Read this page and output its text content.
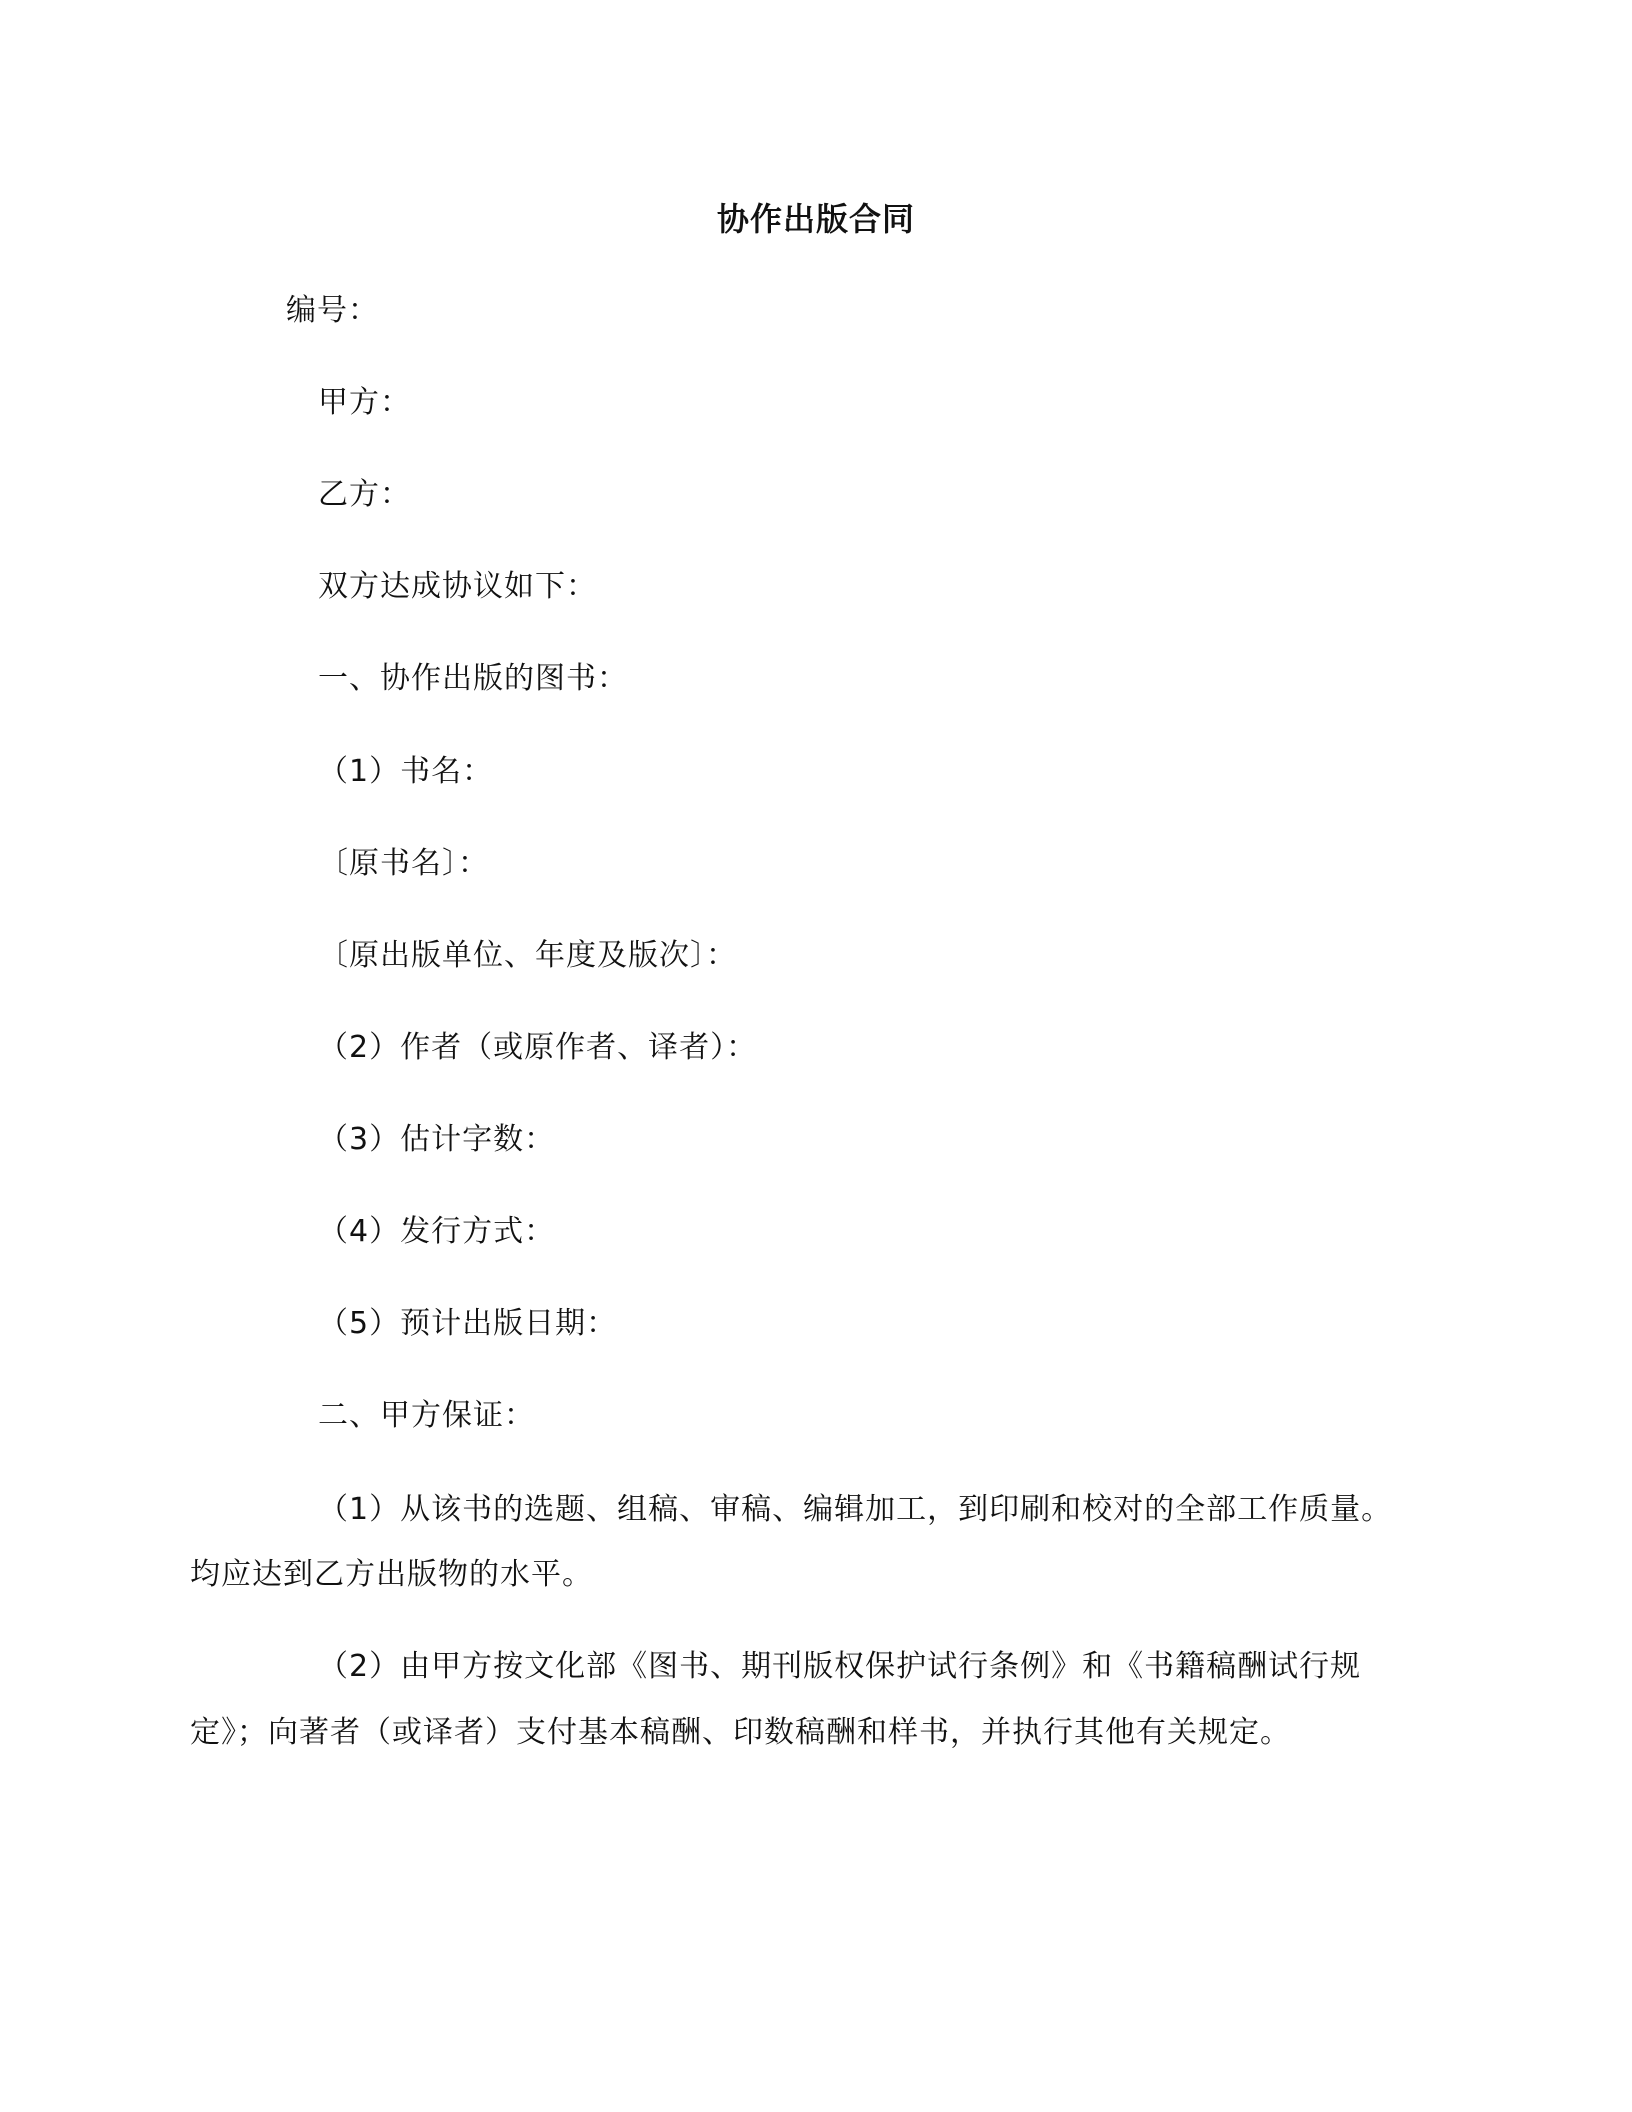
协作出版合同
编号：
甲方：
乙方：
双方达成协议如下：
一、协作出版的图书：
（1）书名：
〔原书名〕：
〔原出版单位、年度及版次〕：
（2）作者（或原作者、译者）：
（3）估计字数：
（4）发行方式：
（5）预计出版日期：
二、甲方保证：
（1）从该书的选题、组稿、审稿、编辑加工，到印刷和校对的全部工作质量。
均应达到乙方出版物的水平。
（2）由甲方按文化部《图书、期刊版权保护试行条例》和《书籍稿酬试行规
定》；向著者（或译者）支付基本稿酬、印数稿酬和样书，并执行其他有关规定。
